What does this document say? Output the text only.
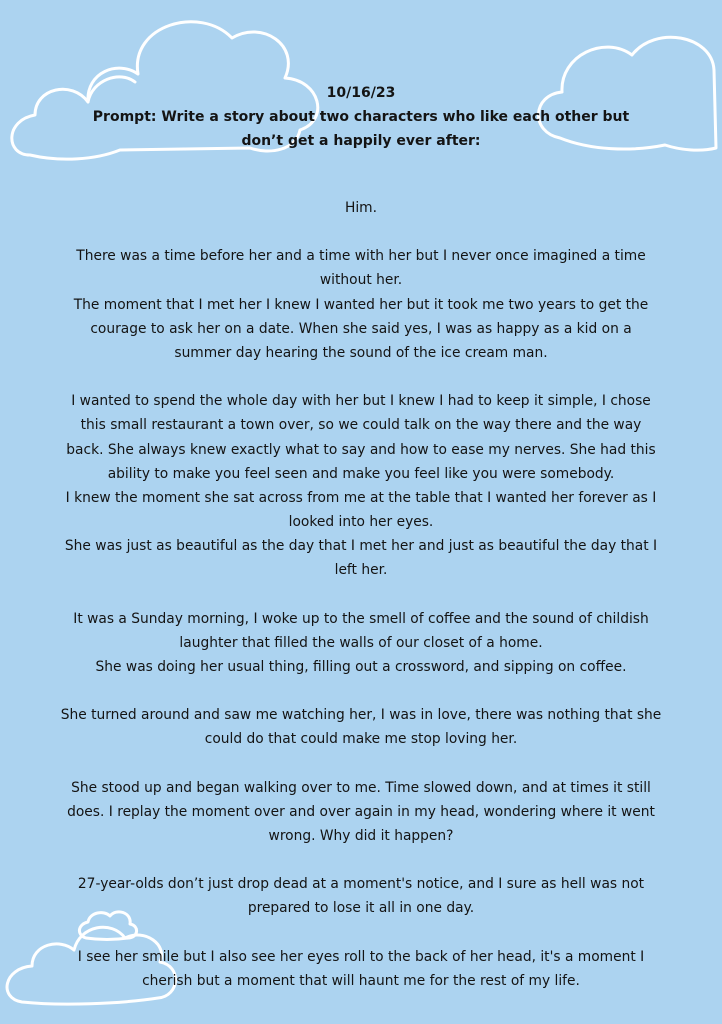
10/16/23
Prompt: Write a story about two characters who like each other but
don’t get a happily ever after:

Him.

There was a time before her and a time with her but I never once imagined a time without her.

The moment that I met her I knew I wanted her but it took me two years to get the courage to ask her on a date. When she said yes, I was as happy as a kid on a summer day hearing the sound of the ice cream man.

I wanted to spend the whole day with her but I knew I had to keep it simple, I chose this small restaurant a town over, so we could talk on the way there and the way back. She always knew exactly what to say and how to ease my nerves. She had this ability to make you feel seen and make you feel like you were somebody.

I knew the moment she sat across from me at the table that I wanted her forever as I looked into her eyes.

She was just as beautiful as the day that I met her and just as beautiful the day that I left her.

It was a Sunday morning, I woke up to the smell of coffee and the sound of childish laughter that filled the walls of our closet of a home.

She was doing her usual thing, filling out a crossword, and sipping on coffee.

She turned around and saw me watching her, I was in love, there was nothing that she could do that could make me stop loving her.

She stood up and began walking over to me. Time slowed down, and at times it still does. I replay the moment over and over again in my head, wondering where it went wrong. Why did it happen?

27-year-olds don’t just drop dead at a moment's notice, and I sure as hell was not prepared to lose it all in one day.

I see her smile but I also see her eyes roll to the back of her head, it's a moment I cherish but a moment that will haunt me for the rest of my life.
